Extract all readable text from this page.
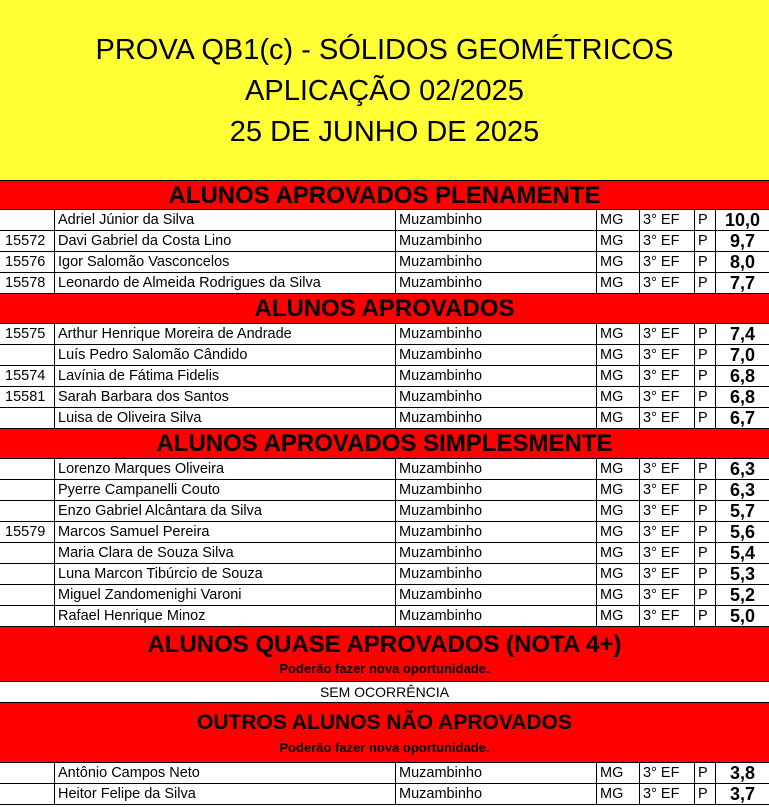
PROVA QB1(c) - SÓLIDOS GEOMÉTRICOS
APLICAÇÃO 02/2025
25 DE JUNHO DE 2025
ALUNOS APROVADOS PLENAMENTE
Adriel Júnior da Silva	Muzambinho	MG	3° EF	P 10,0
15572 Davi Gabriel da Costa Lino	Muzambinho	MG	3° EF	P	9,7
15576 Igor Salomão Vasconcelos	Muzambinho	MG	3° EF	P	8,0
15578 Leonardo de Almeida Rodrigues da Silva	Muzambinho	MG	3° EF	P	7,7
ALUNOS APROVADOS
15575 Arthur Henrique Moreira de Andrade	Muzambinho	MG	3° EF	P	7,4
Luís Pedro Salomão Cândido	Muzambinho	MG	3° EF	P	7,0
15574 Lavínia de Fátima Fidelis	Muzambinho	MG	3° EF	P	6,8
15581 Sarah Barbara dos Santos	Muzambinho	MG	3° EF	P	6,8
Luisa de Oliveira Silva	Muzambinho	MG	3° EF	P	6,7
ALUNOS APROVADOS SIMPLESMENTE
Lorenzo Marques Oliveira	Muzambinho	MG	3° EF	P	6,3
Pyerre Campanelli Couto	Muzambinho	MG	3° EF	P	6,3
Enzo Gabriel Alcântara da Silva	Muzambinho	MG	3° EF	P	5,7
15579 Marcos Samuel Pereira	Muzambinho	MG	3° EF	P	5,6
Maria Clara de Souza Silva	Muzambinho	MG	3° EF	P	5,4
Luna Marcon Tibúrcio de Souza	Muzambinho	MG	3° EF	P	5,3
Miguel Zandomenighi Varoni	Muzambinho	MG	3° EF	P	5,2
Rafael Henrique Minoz	Muzambinho	MG	3° EF	P	5,0
ALUNOS QUASE APROVADOS (NOTA 4+)
Poderão fazer nova oportunidade.
SEM OCORRÊNCIA
OUTROS ALUNOS NÃO APROVADOS
Poderão fazer nova oportunidade.
Antônio Campos Neto	Muzambinho	MG	3° EF	P	3,8
Heitor Felipe da Silva	Muzambinho	MG	3° EF	P	3,7
